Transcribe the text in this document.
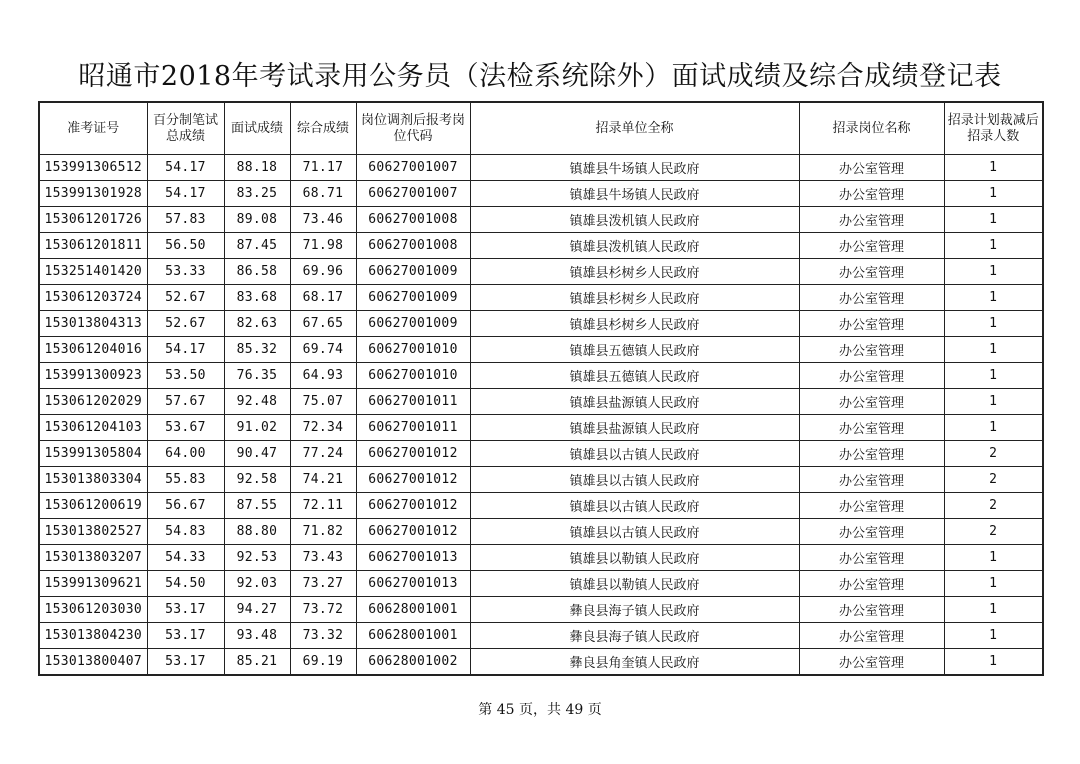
昭通市2018年考试录用公务员（法检系统除外）面试成绩及综合成绩登记表
准考证号	百分制笔试总成绩	面试成绩	综合成绩	岗位调剂后报考岗位代码	招录单位全称	招录岗位名称	招录计划裁减后招录人数
153991306512	54.17	88.18	71.17	60627001007	镇雄县牛场镇人民政府	办公室管理	1
153991301928	54.17	83.25	68.71	60627001007	镇雄县牛场镇人民政府	办公室管理	1
153061201726	57.83	89.08	73.46	60627001008	镇雄县泼机镇人民政府	办公室管理	1
153061201811	56.50	87.45	71.98	60627001008	镇雄县泼机镇人民政府	办公室管理	1
153251401420	53.33	86.58	69.96	60627001009	镇雄县杉树乡人民政府	办公室管理	1
153061203724	52.67	83.68	68.17	60627001009	镇雄县杉树乡人民政府	办公室管理	1
153013804313	52.67	82.63	67.65	60627001009	镇雄县杉树乡人民政府	办公室管理	1
153061204016	54.17	85.32	69.74	60627001010	镇雄县五德镇人民政府	办公室管理	1
153991300923	53.50	76.35	64.93	60627001010	镇雄县五德镇人民政府	办公室管理	1
153061202029	57.67	92.48	75.07	60627001011	镇雄县盐源镇人民政府	办公室管理	1
153061204103	53.67	91.02	72.34	60627001011	镇雄县盐源镇人民政府	办公室管理	1
153991305804	64.00	90.47	77.24	60627001012	镇雄县以古镇人民政府	办公室管理	2
153013803304	55.83	92.58	74.21	60627001012	镇雄县以古镇人民政府	办公室管理	2
153061200619	56.67	87.55	72.11	60627001012	镇雄县以古镇人民政府	办公室管理	2
153013802527	54.83	88.80	71.82	60627001012	镇雄县以古镇人民政府	办公室管理	2
153013803207	54.33	92.53	73.43	60627001013	镇雄县以勒镇人民政府	办公室管理	1
153991309621	54.50	92.03	73.27	60627001013	镇雄县以勒镇人民政府	办公室管理	1
153061203030	53.17	94.27	73.72	60628001001	彝良县海子镇人民政府	办公室管理	1
153013804230	53.17	93.48	73.32	60628001001	彝良县海子镇人民政府	办公室管理	1
153013800407	53.17	85.21	69.19	60628001002	彝良县角奎镇人民政府	办公室管理	1
第 45 页，共 49 页
